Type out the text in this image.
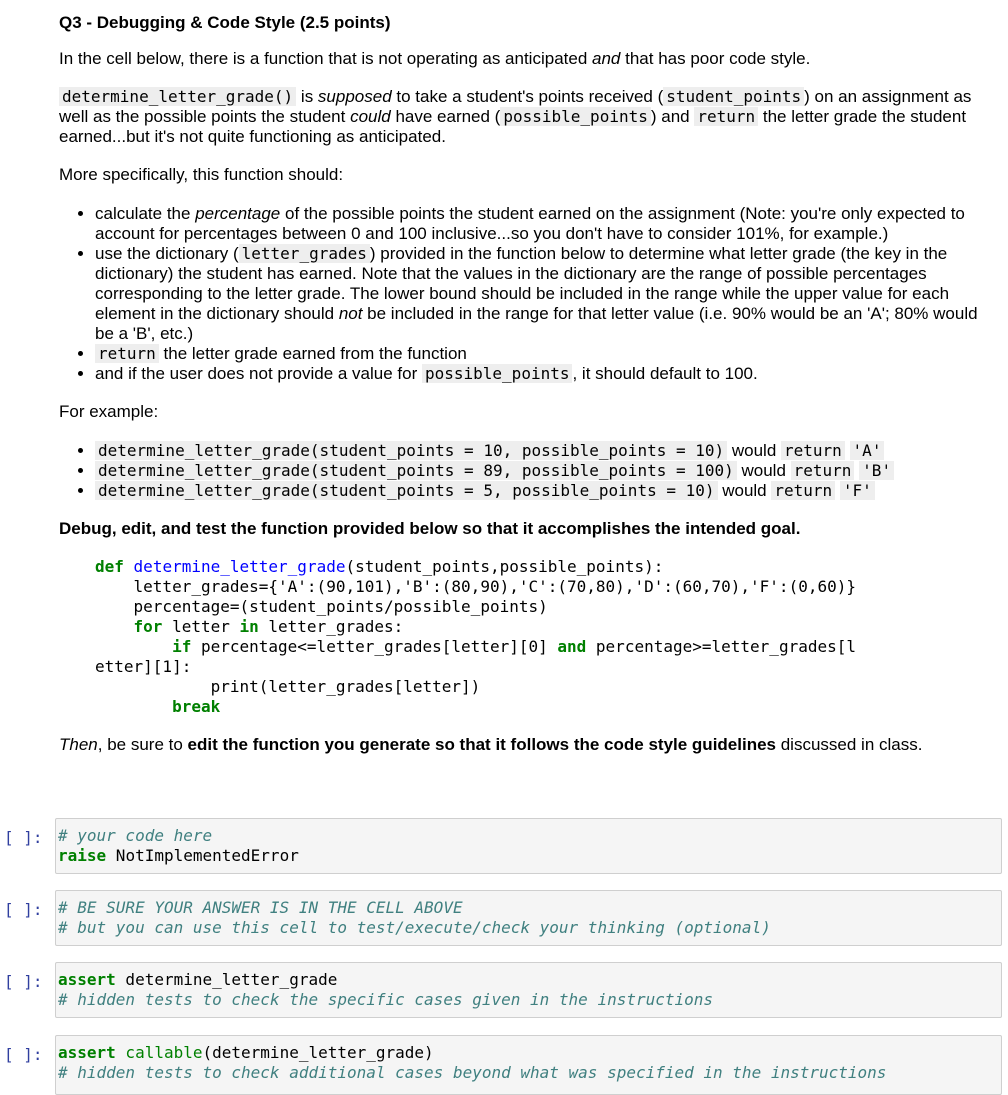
Q3 - Debugging & Code Style (2.5 points)

In the cell below, there is a function that is not operating as anticipated and that has poor code style.

determine_letter_grade() is supposed to take a student's points received ( student_points ) on an assignment as well as the possible points the student could have earned ( possible_points ) and return the letter grade the student earned...but it's not quite functioning as anticipated.

More specifically, this function should:

• calculate the percentage of the possible points the student earned on the assignment (Note: you're only expected to account for percentages between 0 and 100 inclusive...so you don't have to consider 101%, for example.)
• use the dictionary ( letter_grades ) provided in the function below to determine what letter grade (the key in the dictionary) the student has earned. Note that the values in the dictionary are the range of possible percentages corresponding to the letter grade. The lower bound should be included in the range while the upper value for each element in the dictionary should not be included in the range for that letter value (i.e. 90% would be an 'A'; 80% would be a 'B', etc.)
• return the letter grade earned from the function
• and if the user does not provide a value for possible_points , it should default to 100.

For example:

• determine_letter_grade(student_points = 10, possible_points = 10) would return 'A'
• determine_letter_grade(student_points = 89, possible_points = 100) would return 'B'
• determine_letter_grade(student_points = 5, possible_points = 10) would return 'F'

Debug, edit, and test the function provided below so that it accomplishes the intended goal.

def determine_letter_grade(student_points,possible_points):
letter_grades={'A':(90,101),'B':(80,90),'C':(70,80),'D':(60,70),'F':(0,60)}
percentage=(student_points/possible_points)
for letter in letter_grades:
if percentage<=letter_grades[letter][0] and percentage>=letter_grades[l
etter][1]:
print(letter_grades[letter])
break

Then, be sure to edit the function you generate so that it follows the code style guidelines discussed in class.

[ ]: # your code here
raise NotImplementedError
[ ]: # BE SURE YOUR ANSWER IS IN THE CELL ABOVE
# but you can use this cell to test/execute/check your thinking (optional)
[ ]: assert determine_letter_grade
# hidden tests to check the specific cases given in the instructions
[ ]: assert callable(determine_letter_grade)
# hidden tests to check additional cases beyond what was specified in the instructions
